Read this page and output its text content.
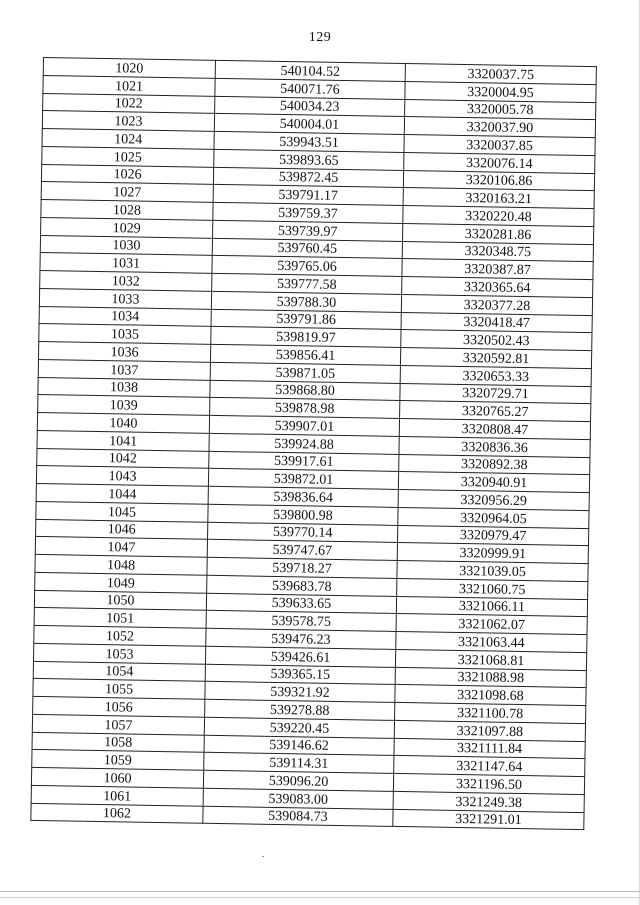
129
1020	540104.52	3320037.75
1021	540071.76	3320004.95
1022	540034.23	3320005.78
1023	540004.01	3320037.90
1024	539943.51	3320037.85
1025	539893.65	3320076.14
1026	539872.45	3320106.86
1027	539791.17	3320163.21
1028	539759.37	3320220.48
1029	539739.97	3320281.86
1030	539760.45	3320348.75
1031	539765.06	3320387.87
1032	539777.58	3320365.64
1033	539788.30	3320377.28
1034	539791.86	3320418.47
1035	539819.97	3320502.43
1036	539856.41	3320592.81
1037	539871.05	3320653.33
1038	539868.80	3320729.71
1039	539878.98	3320765.27
1040	539907.01	3320808.47
1041	539924.88	3320836.36
1042	539917.61	3320892.38
1043	539872.01	3320940.91
1044	539836.64	3320956.29
1045	539800.98	3320964.05
1046	539770.14	3320979.47
1047	539747.67	3320999.91
1048	539718.27	3321039.05
1049	539683.78	3321060.75
1050	539633.65	3321066.11
1051	539578.75	3321062.07
1052	539476.23	3321063.44
1053	539426.61	3321068.81
1054	539365.15	3321088.98
1055	539321.92	3321098.68
1056	539278.88	3321100.78
1057	539220.45	3321097.88
1058	539146.62	3321111.84
1059	539114.31	3321147.64
1060	539096.20	3321196.50
1061	539083.00	3321249.38
1062	539084.73	3321291.01
